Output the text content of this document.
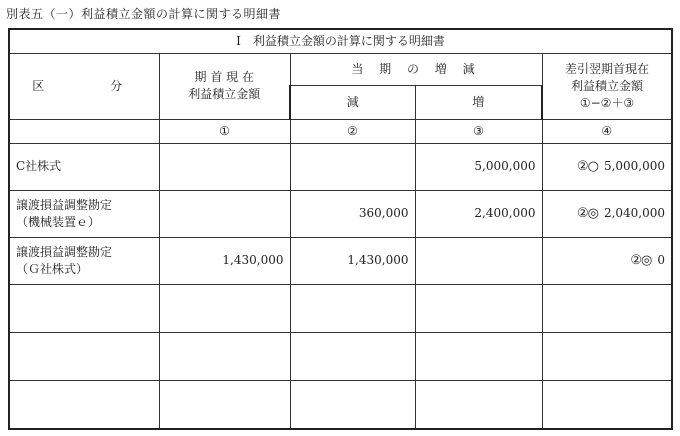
別表五（一）利益積立金額の計算に関する明細書
Ⅰ　利益積立金額の計算に関する明細書				
区　　分	期 首 現 在
利益積立金額	当 期 の 増 減		差引翌期首現在
利益積立金額
①−②＋③

		減	増	
	①	②	③	④

C社株式			5,000,000	②○ 5,000,000

譲渡損益調整勘定
（機械装置ｅ）		360,000	2,400,000	②◎ 2,040,000

譲渡損益調整勘定
（Ｇ社株式）	1,430,000	1,430,000		②◎ 0
